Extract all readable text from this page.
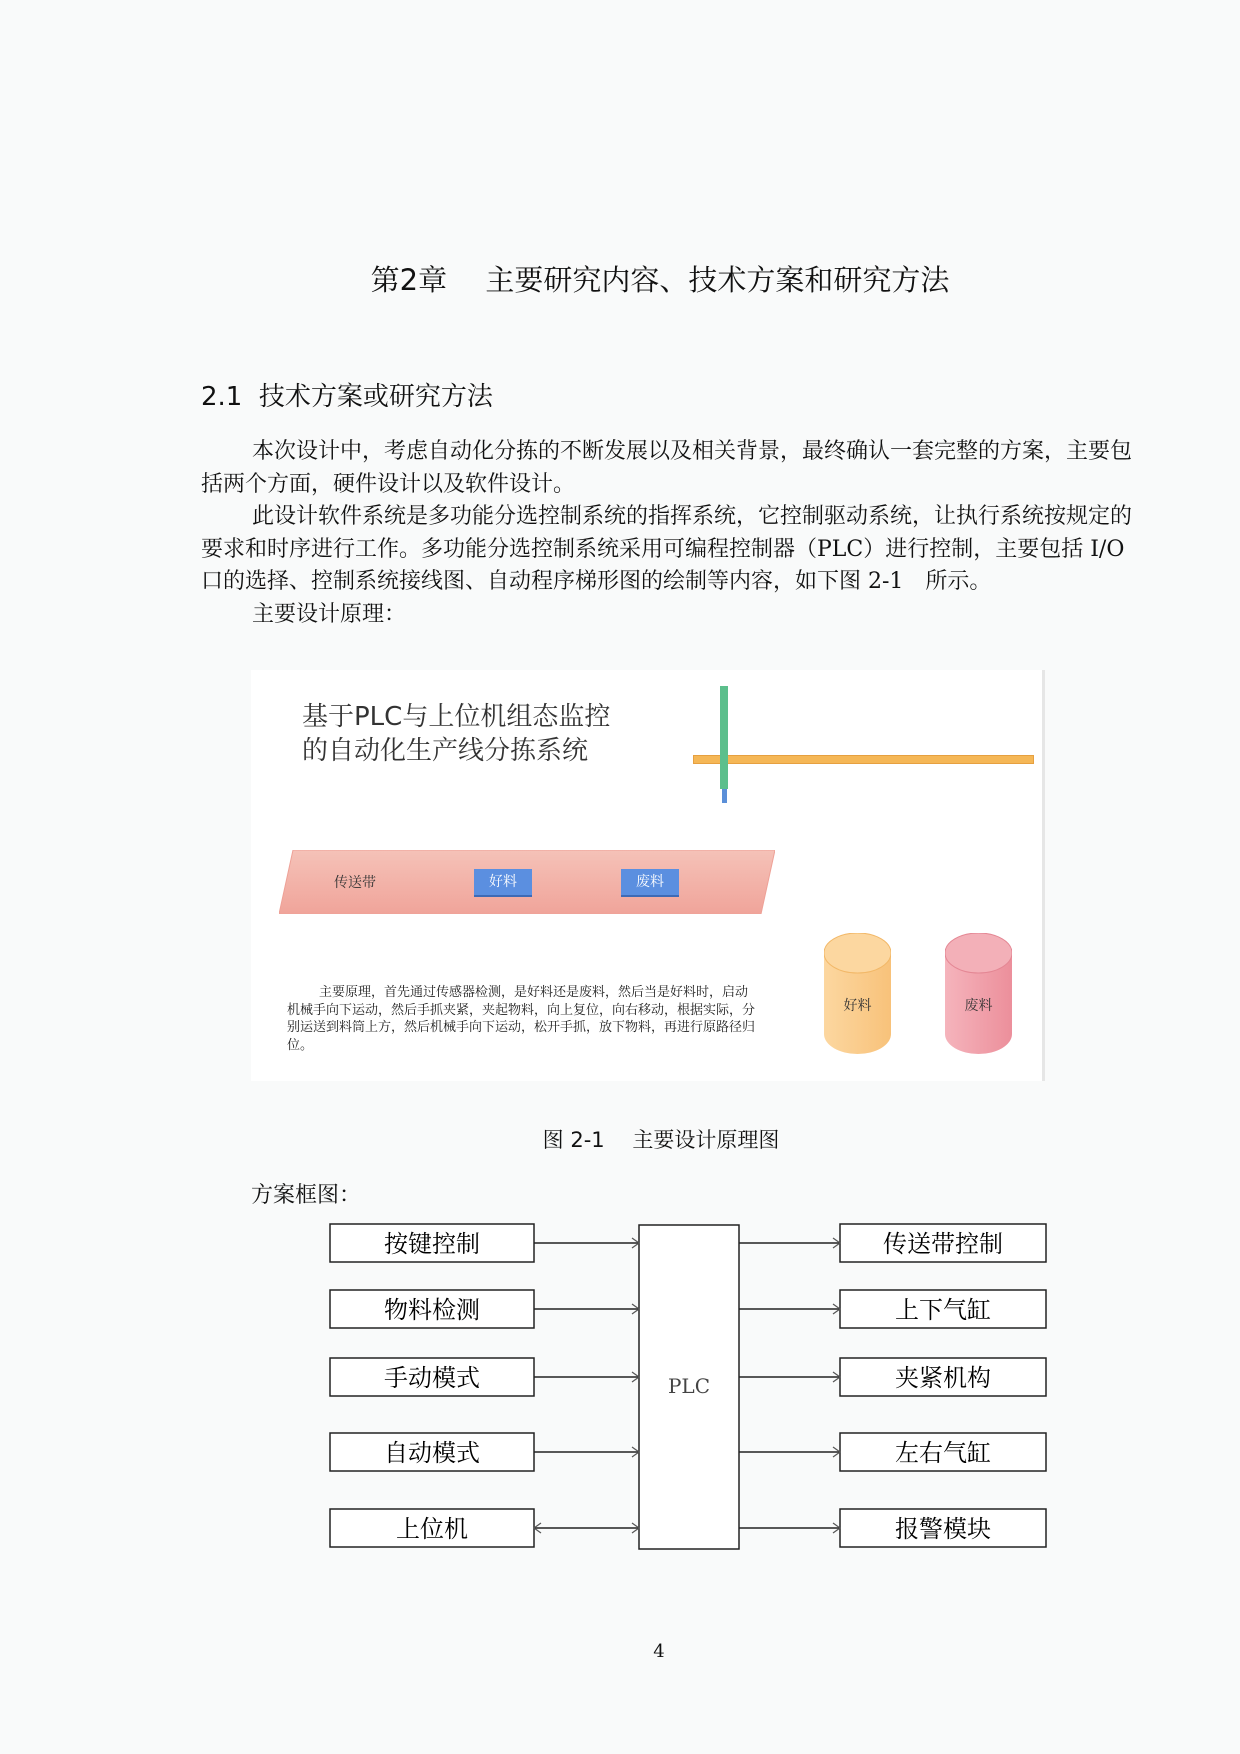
第2章　 主要研究内容、技术方案和研究方法
2.1  技术方案或研究方法

本次设计中，考虑自动化分拣的不断发展以及相关背景，最终确认一套完整的方案，主要包括两个方面，硬件设计以及软件设计。

此设计软件系统是多功能分选控制系统的指挥系统，它控制驱动系统，让执行系统按规定的要求和时序进行工作。多功能分选控制系统采用可编程控制器（PLC）进行控制，主要包括 I/O 口的选择、控制系统接线图、自动程序梯形图的绘制等内容，如下图 2-1　所示。

主要设计原理：

基于PLC与上位机组态监控
的自动化生产线分拣系统
传送带	好料	废料
主要原理，首先通过传感器检测，是好料还是废料，然后当是好料时，启动机械手向下运动，然后手抓夹紧，夹起物料，向上复位，向右移动，根据实际，分别运送到料筒上方，然后机械手向下运动，松开手抓，放下物料，再进行原路径归位。
好料	废料
图 2-1　 主要设计原理图
方案框图：
PLC
按键控制	传送带控制
物料检测	上下气缸
手动模式	夹紧机构
自动模式	左右气缸
上位机	报警模块
4
